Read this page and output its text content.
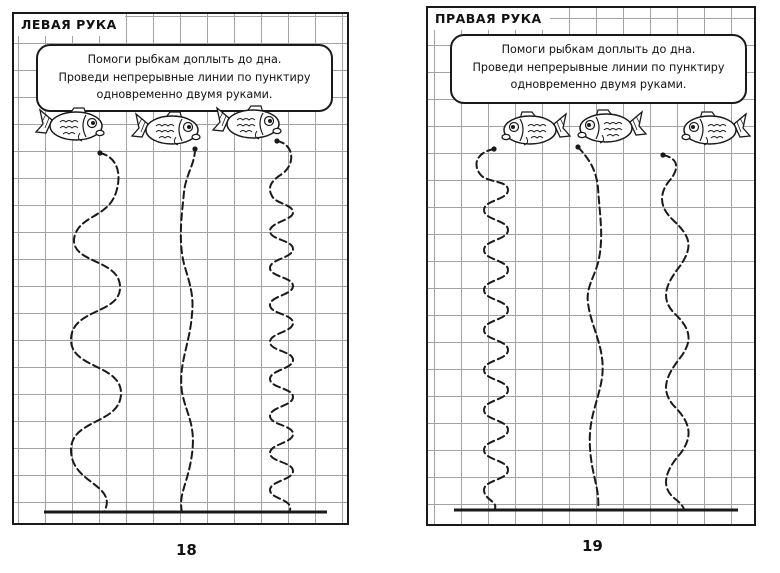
ЛЕВАЯ РУКА
Помоги рыбкам доплыть до дна.
Проведи непрерывные линии по пунктиру
одновременно двумя руками.
ПРАВАЯ РУКА
Помоги рыбкам доплыть до дна.
Проведи непрерывные линии по пунктиру
одновременно двумя руками.
18	19
